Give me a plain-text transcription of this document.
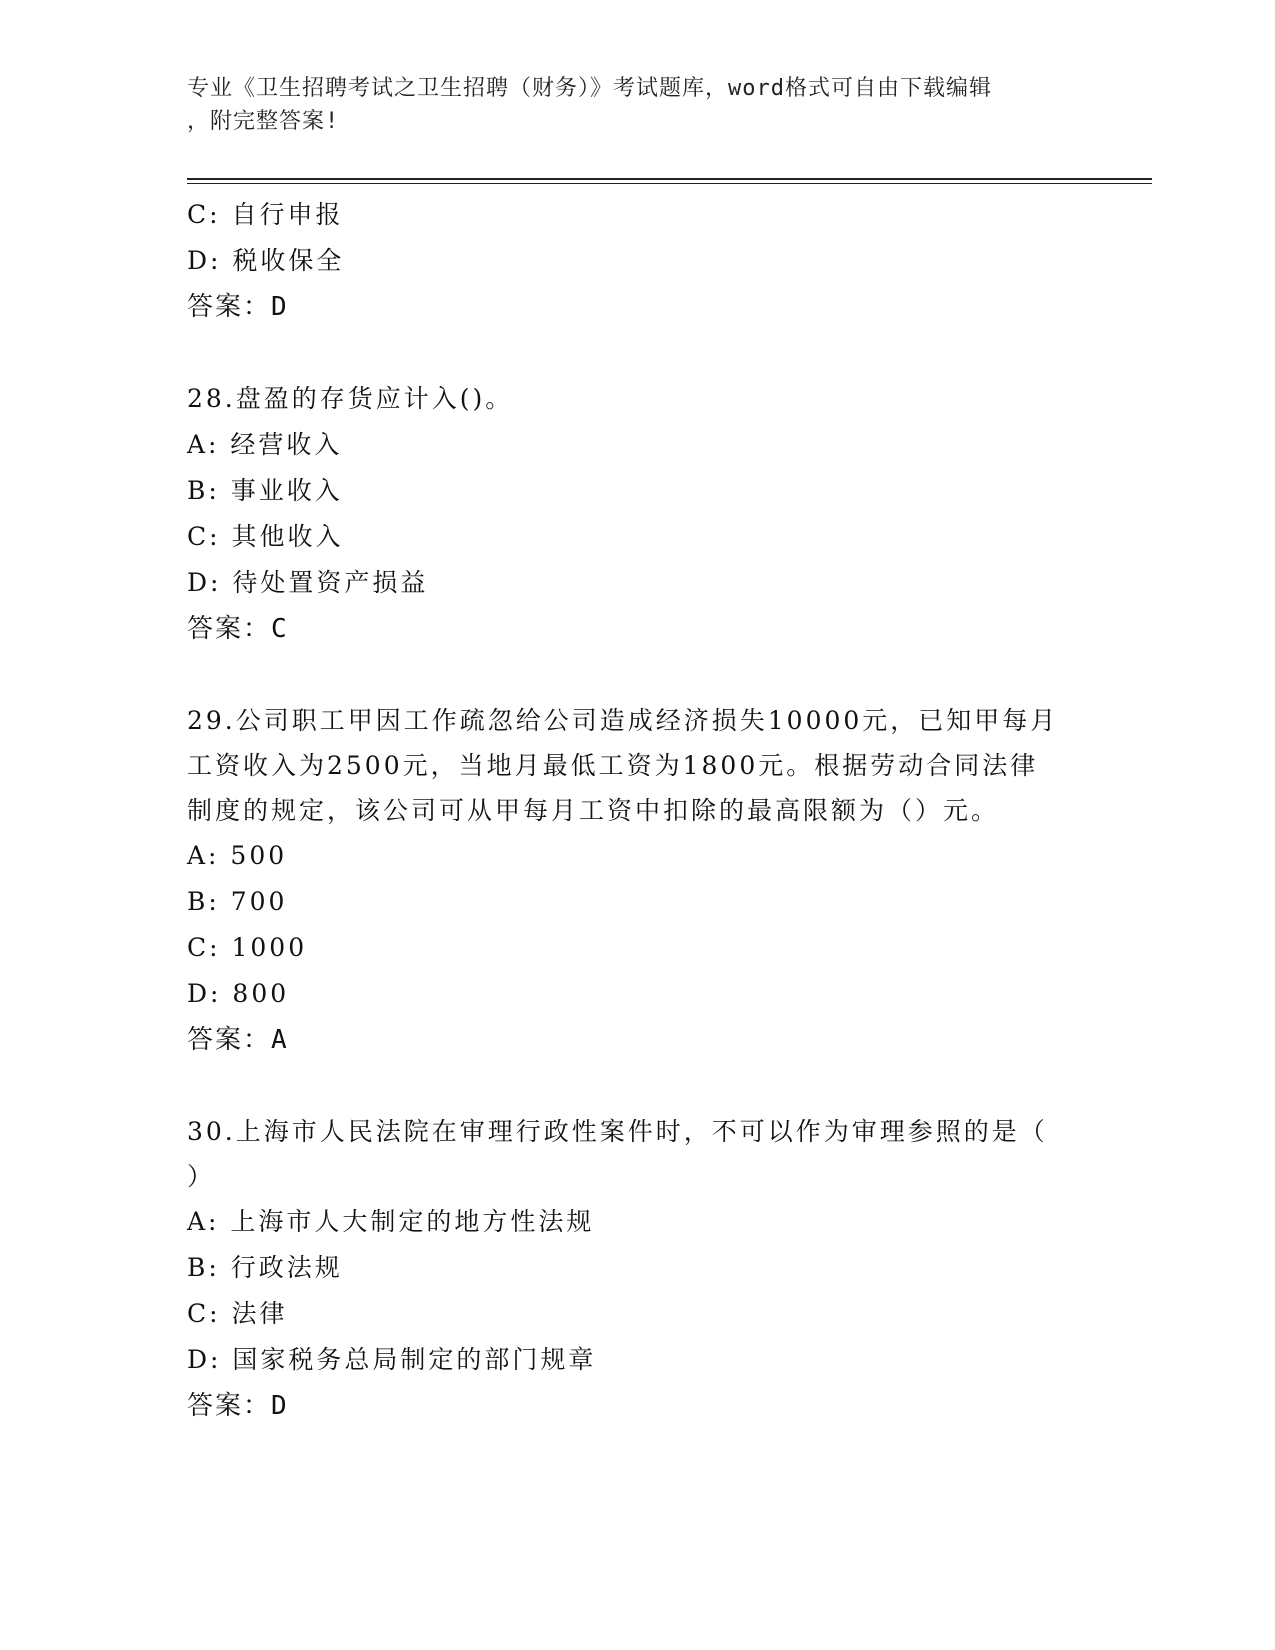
专业《卫生招聘考试之卫生招聘（财务）》考试题库，word格式可自由下载编辑
，附完整答案!
C: 自行申报
D: 税收保全
答案：D
28.盘盈的存货应计入()。
A: 经营收入
B: 事业收入
C: 其他收入
D: 待处置资产损益
答案：C
29.公司职工甲因工作疏忽给公司造成经济损失10000元，已知甲每月
工资收入为2500元，当地月最低工资为1800元。根据劳动合同法律
制度的规定，该公司可从甲每月工资中扣除的最高限额为（）元。
A: 500
B: 700
C: 1000
D: 800
答案：A
30.上海市人民法院在审理行政性案件时，不可以作为审理参照的是（
）
A: 上海市人大制定的地方性法规
B: 行政法规
C: 法律
D: 国家税务总局制定的部门规章
答案：D
